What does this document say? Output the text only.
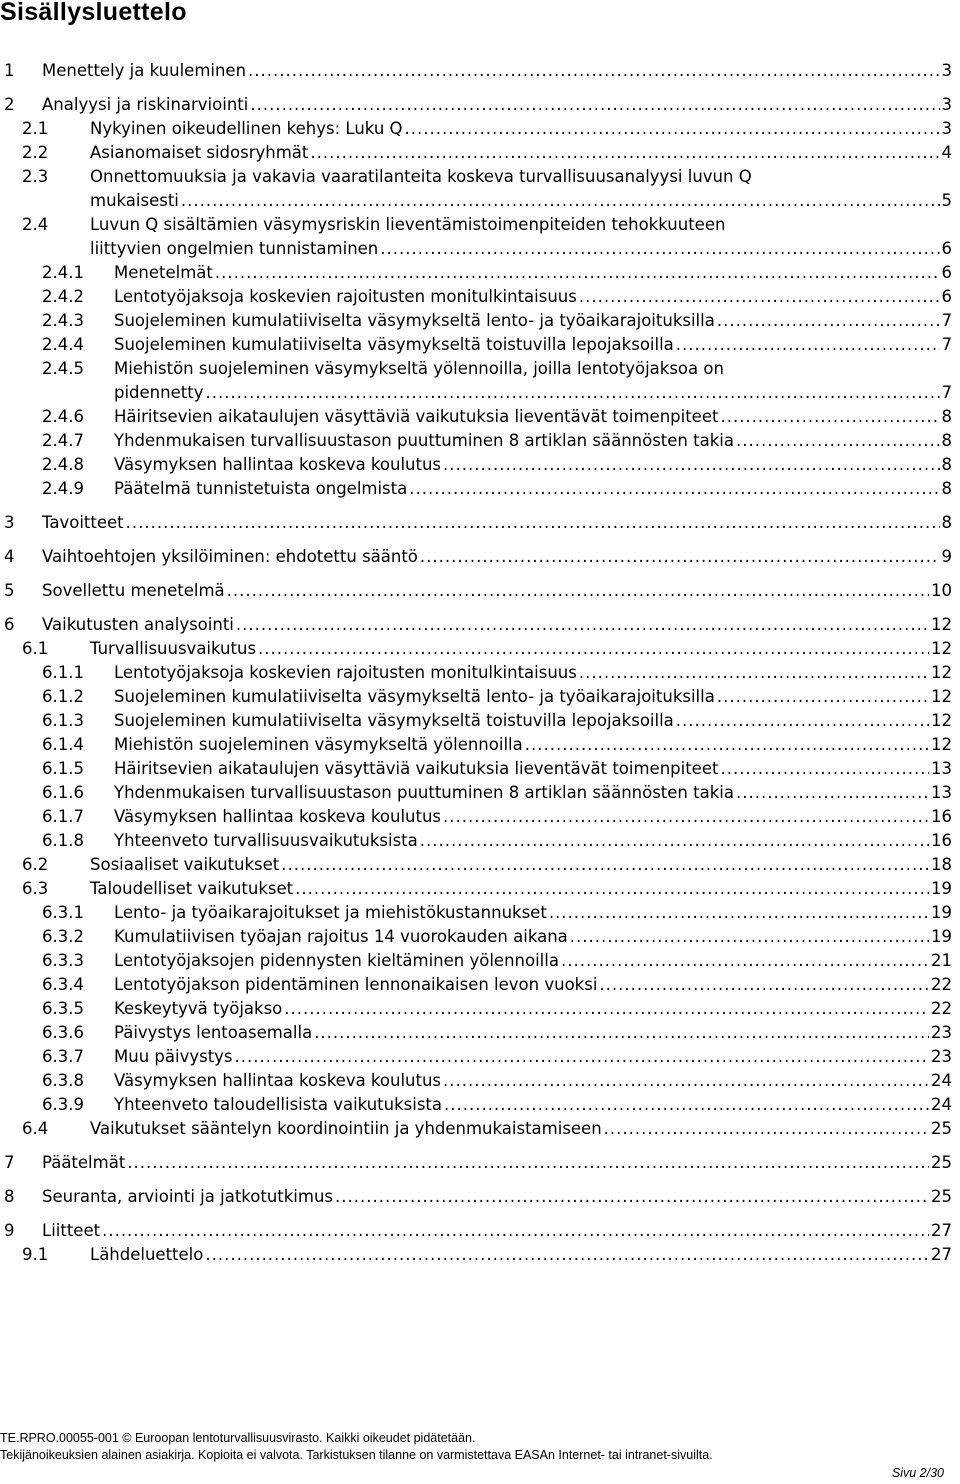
Sisällysluettelo
1 Menettely ja kuuleminen .....	3
2 Analyysi ja riskinarviointi .....	3
2.1	Nykyinen oikeudellinen kehys: Luku Q .....	3
2.2	Asianomaiset sidosryhmät .....	4
2.3	Onnettomuuksia ja vakavia vaaratilanteita koskeva turvallisuusanalyysi luvun Q
mukaisesti .....	5
2.4	Luvun Q sisältämien väsymysriskin lieventämistoimenpiteiden tehokkuuteen
liittyvien ongelmien tunnistaminen .....	6
2.4.1 Menetelmät .....	6
2.4.2 Lentotyöjaksoja koskevien rajoitusten monitulkintaisuus .....	6
2.4.3 Suojeleminen kumulatiiviselta väsymykseltä lento- ja työaikarajoituksilla .....	7
2.4.4 Suojeleminen kumulatiiviselta väsymykseltä toistuvilla lepojaksoilla .....	7
2.4.5 Miehistön suojeleminen väsymykseltä yölennoilla, joilla lentotyöjaksoa on
pidennetty .....	7
2.4.6 Häiritsevien aikataulujen väsyttäviä vaikutuksia lieventävät toimenpiteet .....	8
2.4.7 Yhdenmukaisen turvallisuustason puuttuminen 8 artiklan säännösten takia .....	8
2.4.8 Väsymyksen hallintaa koskeva koulutus .....	8
2.4.9 Päätelmä tunnistetuista ongelmista .....	8
3 Tavoitteet .....	8
4 Vaihtoehtojen yksilöiminen: ehdotettu sääntö .....	9
5 Sovellettu menetelmä .....	10
6 Vaikutusten analysointi .....	12
6.1	Turvallisuusvaikutus .....	12
6.1.1 Lentotyöjaksoja koskevien rajoitusten monitulkintaisuus .....	12
6.1.2 Suojeleminen kumulatiiviselta väsymykseltä lento- ja työaikarajoituksilla .....	12
6.1.3 Suojeleminen kumulatiiviselta väsymykseltä toistuvilla lepojaksoilla .....	12
6.1.4 Miehistön suojeleminen väsymykseltä yölennoilla .....	12
6.1.5 Häiritsevien aikataulujen väsyttäviä vaikutuksia lieventävät toimenpiteet .....	13
6.1.6 Yhdenmukaisen turvallisuustason puuttuminen 8 artiklan säännösten takia .....	13
6.1.7 Väsymyksen hallintaa koskeva koulutus .....	16
6.1.8 Yhteenveto turvallisuusvaikutuksista .....	16
6.2	Sosiaaliset vaikutukset .....	18
6.3	Taloudelliset vaikutukset .....	19
6.3.1 Lento- ja työaikarajoitukset ja miehistökustannukset .....	19
6.3.2 Kumulatiivisen työajan rajoitus 14 vuorokauden aikana .....	19
6.3.3 Lentotyöjaksojen pidennysten kieltäminen yölennoilla .....	21
6.3.4 Lentotyöjakson pidentäminen lennonaikaisen levon vuoksi .....	22
6.3.5 Keskeytyvä työjakso .....	22
6.3.6 Päivystys lentoasemalla .....	23
6.3.7 Muu päivystys .....	23
6.3.8 Väsymyksen hallintaa koskeva koulutus .....	24
6.3.9 Yhteenveto taloudellisista vaikutuksista .....	24
6.4	Vaikutukset sääntelyn koordinointiin ja yhdenmukaistamiseen .....	25
7 Päätelmät .....	25
8 Seuranta, arviointi ja jatkotutkimus .....	25
9 Liitteet .....	27
9.1	Lähdeluettelo .....	27
TE.RPRO.00055-001 © Euroopan lentoturvallisuusvirasto. Kaikki oikeudet pidätetään.
Tekijänoikeuksien alainen asiakirja. Kopioita ei valvota. Tarkistuksen tilanne on varmistettava EASAn Internet- tai intranet-sivuilta.
Sivu 2/30
